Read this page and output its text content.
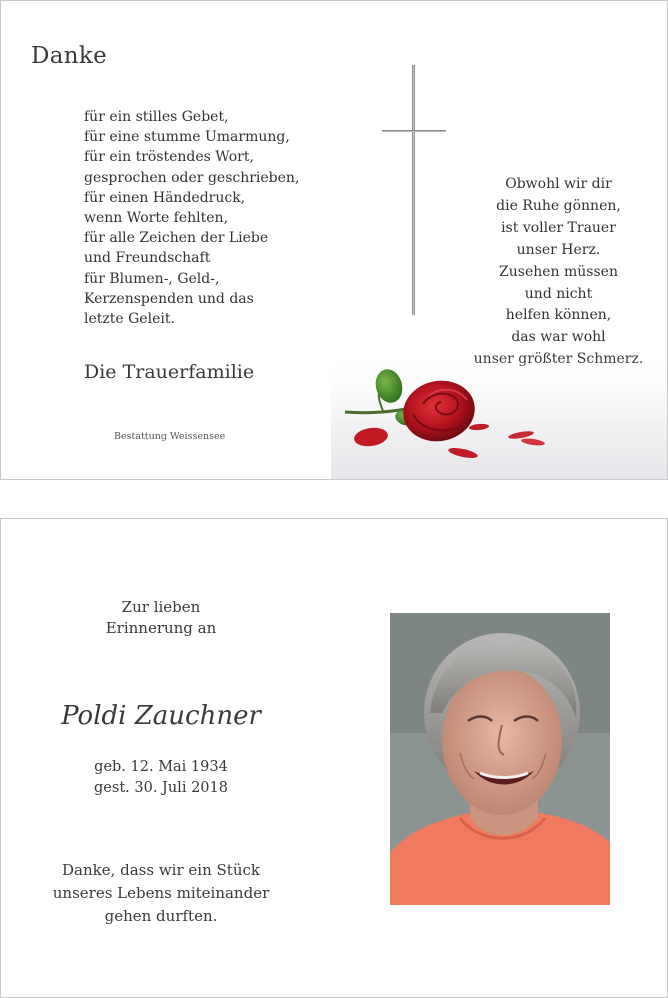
Danke
für ein stilles Gebet,
für eine stumme Umarmung,
für ein tröstendes Wort,
gesprochen oder geschrieben,
für einen Händedruck,
wenn Worte fehlten,
für alle Zeichen der Liebe
und Freundschaft
für Blumen-, Geld-,
Kerzenspenden und das
letzte Geleit.
Die Trauerfamilie
Bestattung Weissensee
Obwohl wir dir
die Ruhe gönnen,
ist voller Trauer
unser Herz.
Zusehen müssen
und nicht
helfen können,
das war wohl
Zur lieben
Erinnerung an
Poldi Zauchner
geb. 12. Mai 1934
gest. 30. Juli 2018
Danke, dass wir ein Stück
unseres Lebens miteinander
gehen durften.
